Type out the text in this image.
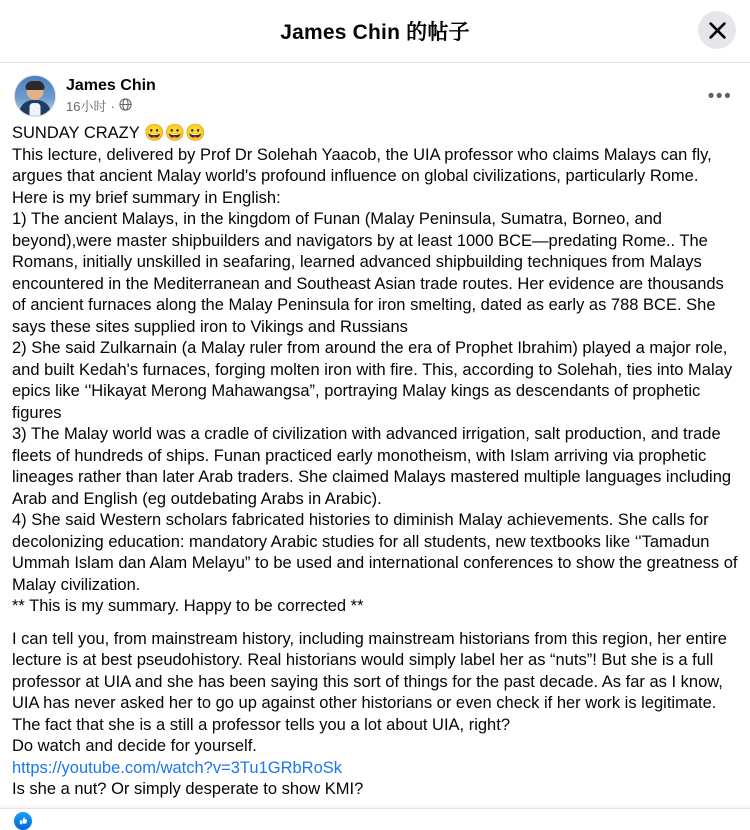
James Chin 的帖子
James Chin
16小时 ·	•••

SUNDAY CRAZY 😀😀😀

This lecture, delivered by Prof Dr Solehah Yaacob, the UIA professor who claims Malays can fly, argues that ancient Malay world's profound influence on global civilizations, particularly Rome.

Here is my brief summary in English:

1) The ancient Malays, in the kingdom of Funan (Malay Peninsula, Sumatra, Borneo, and beyond),were master shipbuilders and navigators by at least 1000 BCE—predating Rome.. The Romans, initially unskilled in seafaring, learned advanced shipbuilding techniques from Malays encountered in the Mediterranean and Southeast Asian trade routes. Her evidence are thousands of ancient furnaces along the Malay Peninsula for iron smelting, dated as early as 788 BCE. She says these sites supplied iron to Vikings and Russians

2) She said Zulkarnain (a Malay ruler from around the era of Prophet Ibrahim) played a major role, and built Kedah's furnaces, forging molten iron with fire. This, according to Solehah, ties into Malay epics like ‘'Hikayat Merong Mahawangsa”, portraying Malay kings as descendants of prophetic figures

3) The Malay world was a cradle of civilization with advanced irrigation, salt production, and trade fleets of hundreds of ships. Funan practiced early monotheism, with Islam arriving via prophetic lineages rather than later Arab traders. She claimed Malays mastered multiple languages including Arab and English (eg outdebating Arabs in Arabic).

4) She said Western scholars fabricated histories to diminish Malay achievements. She calls for decolonizing education: mandatory Arabic studies for all students, new textbooks like ‘'Tamadun Ummah Islam dan Alam Melayu” to be used and international conferences to show the greatness of Malay civilization.

** This is my summary. Happy to be corrected **

I can tell you, from mainstream history, including mainstream historians from this region, her entire lecture is at best pseudohistory. Real historians would simply label her as “nuts”! But she is a full professor at UIA and she has been saying this sort of things for the past decade. As far as I know, UIA has never asked her to go up against other historians or even check if her work is legitimate. The fact that she is a still a professor tells you a lot about UIA, right?

Do watch and decide for yourself.

https://youtube.com/watch?v=3Tu1GRbRoSk

Is she a nut? Or simply desperate to show KMI?
